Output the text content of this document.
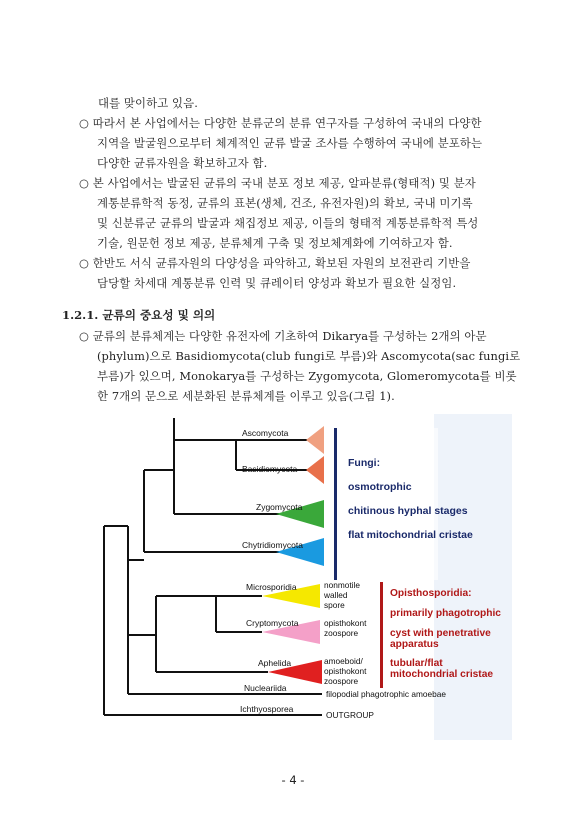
대를 맞이하고 있음.
○ 따라서 본 사업에서는 다양한 분류군의 분류 연구자를 구성하여 국내의 다양한
지역을 발굴원으로부터 체계적인 균류 발굴 조사를 수행하여 국내에 분포하는
다양한 균류자원을 확보하고자 함.
○ 본 사업에서는 발굴된 균류의 국내 분포 정보 제공, 알파분류(형태적) 및 분자
계통분류학적 동정, 균류의 표본(생체, 건조, 유전자원)의 확보, 국내 미기록
및 신분류군 균류의 발굴과 채집정보 제공, 이들의 형태적 계통분류학적 특성
기술, 원문헌 정보 제공, 분류체계 구축 및 정보체계화에 기여하고자 함.
○ 한반도 서식 균류자원의 다양성을 파악하고, 확보된 자원의 보전관리 기반을
담당할 차세대 계통분류 인력 및 큐레이터 양성과 확보가 필요한 실정임.
1.2.1. 균류의 중요성 및 의의
○ 균류의 분류체계는 다양한 유전자에 기초하여 Dikarya를 구성하는 2개의 아문
(phylum)으로 Basidiomycota(club fungi로 부름)와 Ascomycota(sac fungi로
부름)가 있으며, Monokarya를 구성하는 Zygomycota, Glomeromycota를 비롯
한 7개의 문으로 세분화된 분류체계를 이루고 있음(그림 1).
Ascomycota
Basidiomycota
Zygomycota
Chytridiomycota
Microsporidia
Cryptomycota
Aphelida
Nucleariida
Ichthyosporea
nonmotile
walled
spore
opisthokont
zoospore
amoeboid/
opisthokont
zoospore
filopodial phagotrophic amoebae
OUTGROUP
Fungi:
osmotrophic
chitinous hyphal stages
flat mitochondrial cristae
Opisthosporidia:
primarily phagotrophic
cyst with penetrative
apparatus
tubular/flat
mitochondrial cristae
- 4 -
